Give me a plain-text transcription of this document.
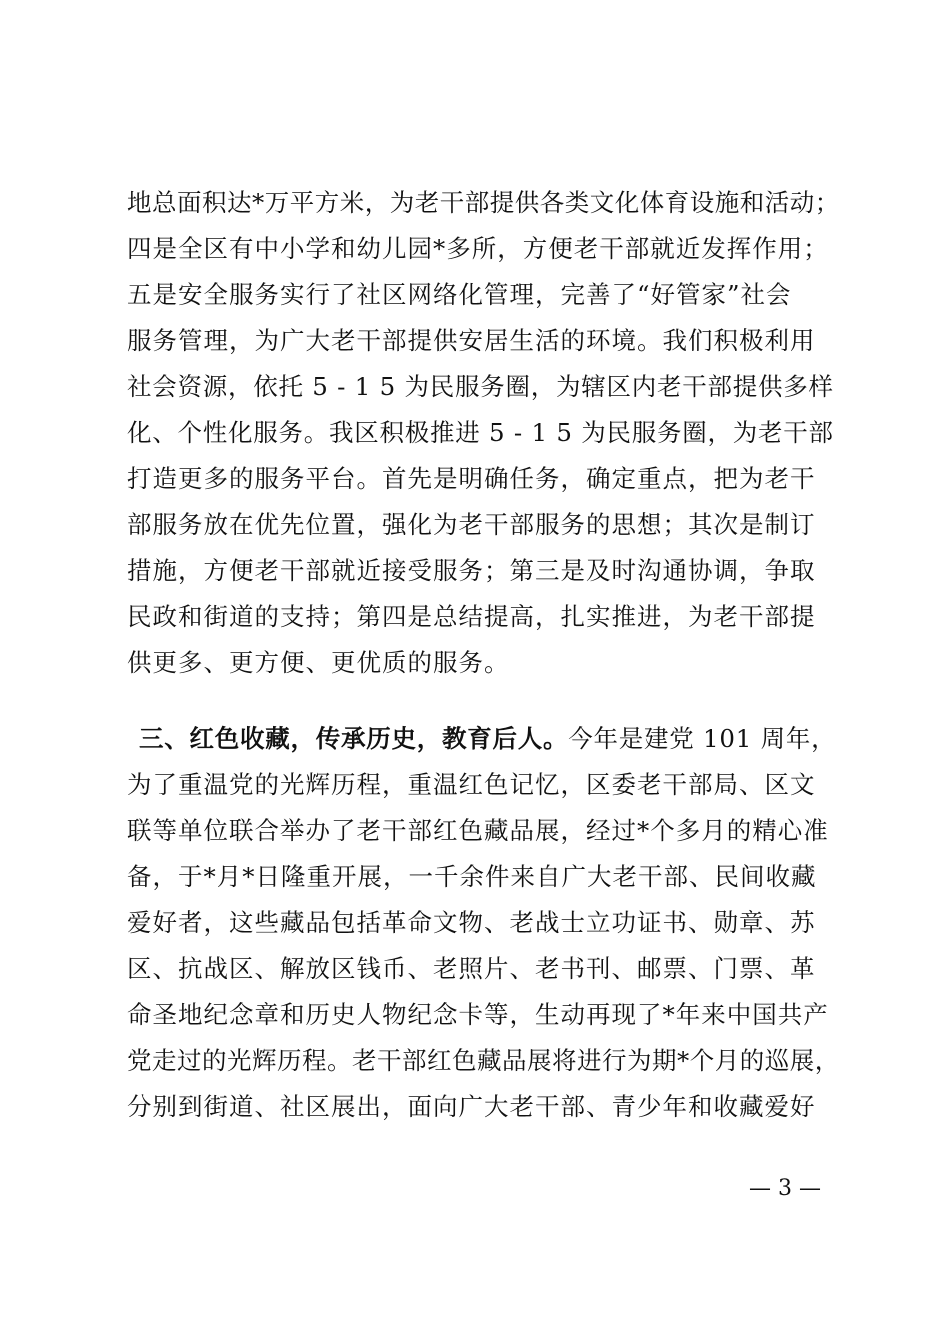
地总面积达*万平方米，为老干部提供各类文化体育设施和活动；
四是全区有中小学和幼儿园*多所，方便老干部就近发挥作用；
五是安全服务实行了社区网络化管理，完善了“好管家”社会
服务管理，为广大老干部提供安居生活的环境。我们积极利用
社会资源，依托 5 - 1 5 为民服务圈，为辖区内老干部提供多样
化、个性化服务。我区积极推进 5 - 1 5 为民服务圈，为老干部
打造更多的服务平台。首先是明确任务，确定重点，把为老干
部服务放在优先位置，强化为老干部服务的思想；其次是制订
措施，方便老干部就近接受服务；第三是及时沟通协调，争取
民政和街道的支持；第四是总结提高，扎实推进，为老干部提
供更多、更方便、更优质的服务。
三、红色收藏，传承历史，教育后人。今年是建党 101 周年，
为了重温党的光辉历程，重温红色记忆，区委老干部局、区文
联等单位联合举办了老干部红色藏品展，经过*个多月的精心准
备，于*月*日隆重开展，一千余件来自广大老干部、民间收藏
爱好者，这些藏品包括革命文物、老战士立功证书、勋章、苏
区、抗战区、解放区钱币、老照片、老书刊、邮票、门票、革
命圣地纪念章和历史人物纪念卡等，生动再现了*年来中国共产
党走过的光辉历程。老干部红色藏品展将进行为期*个月的巡展，
分别到街道、社区展出，面向广大老干部、青少年和收藏爱好
— 3 —
